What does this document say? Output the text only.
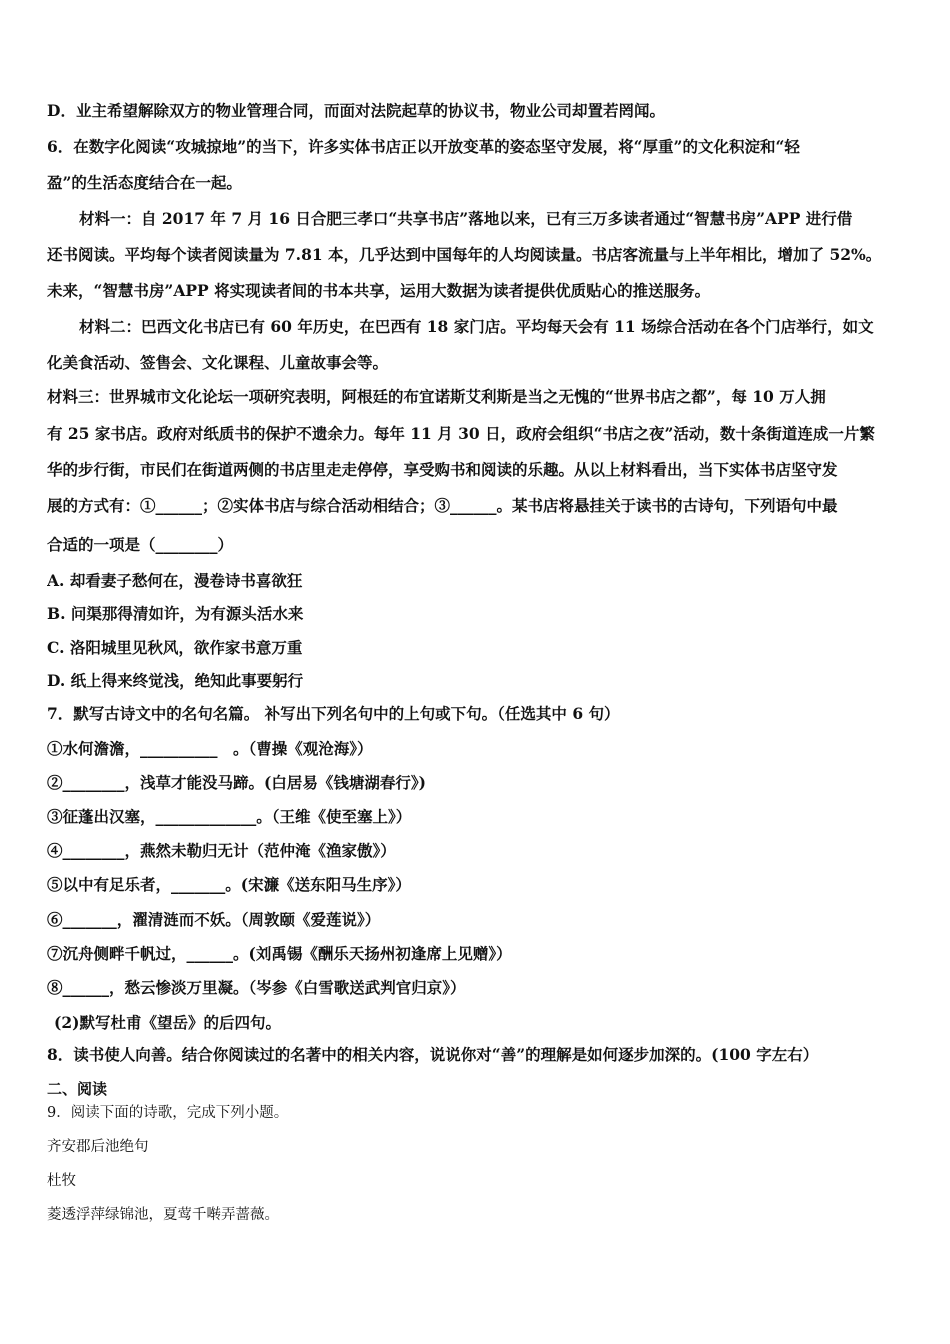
D．业主希望解除双方的物业管理合同，而面对法院起草的协议书，物业公司却置若罔闻。
6．在数字化阅读“攻城掠地”的当下，许多实体书店正以开放变革的姿态坚守发展，将“厚重”的文化积淀和“轻
盈”的生活态度结合在一起。
材料一：自 2017 年 7 月 16 日合肥三孝口“共享书店”落地以来，已有三万多读者通过“智慧书房”APP 进行借
还书阅读。平均每个读者阅读量为 7.81 本，几乎达到中国每年的人均阅读量。书店客流量与上半年相比，增加了 52%。
未来，“智慧书房”APP 将实现读者间的书本共享，运用大数据为读者提供优质贴心的推送服务。
材料二：巴西文化书店已有 60 年历史，在巴西有 18 家门店。平均每天会有 11 场综合活动在各个门店举行，如文
化美食活动、签售会、文化课程、儿童故事会等。
材料三：世界城市文化论坛一项研究表明，阿根廷的布宜诺斯艾利斯是当之无愧的“世界书店之都”，每 10 万人拥
有 25 家书店。政府对纸质书的保护不遗余力。每年 11 月 30 日，政府会组织“书店之夜”活动，数十条街道连成一片繁
华的步行街，市民们在街道两侧的书店里走走停停，享受购书和阅读的乐趣。从以上材料看出，当下实体书店坚守发
展的方式有：①______；②实体书店与综合活动相结合；③______。某书店将悬挂关于读书的古诗句，下列语句中最
合适的一项是（________）
A. 却看妻子愁何在，漫卷诗书喜欲狂
B. 问渠那得清如许，为有源头活水来
C. 洛阳城里见秋风，欲作家书意万重
D. 纸上得来终觉浅，绝知此事要躬行
7．默写古诗文中的名句名篇。 补写出下列名句中的上句或下句。（任选其中 6 句）
①水何澹澹，__________　。（曹操《观沧海》）
②________，浅草才能没马蹄。(白居易《钱塘湖春行》)
③征蓬出汉塞，_____________。（王维《使至塞上》）
④________，燕然未勒归无计（范仲淹《渔家傲》）
⑤以中有足乐者，_______。(宋濂《送东阳马生序》）
⑥_______，濯清涟而不妖。（周敦颐《爱莲说》）
⑦沉舟侧畔千帆过，______。(刘禹锡《酬乐天扬州初逢席上见赠》）
⑧______，愁云惨淡万里凝。（岑参《白雪歌送武判官归京》）
(2)默写杜甫《望岳》的后四句。
8．读书使人向善。结合你阅读过的名著中的相关内容，说说你对“善”的理解是如何逐步加深的。(100 字左右）
二、阅读
9．阅读下面的诗歌，完成下列小题。
齐安郡后池绝句
杜牧
菱透浮萍绿锦池，夏莺千啭弄蔷薇。
